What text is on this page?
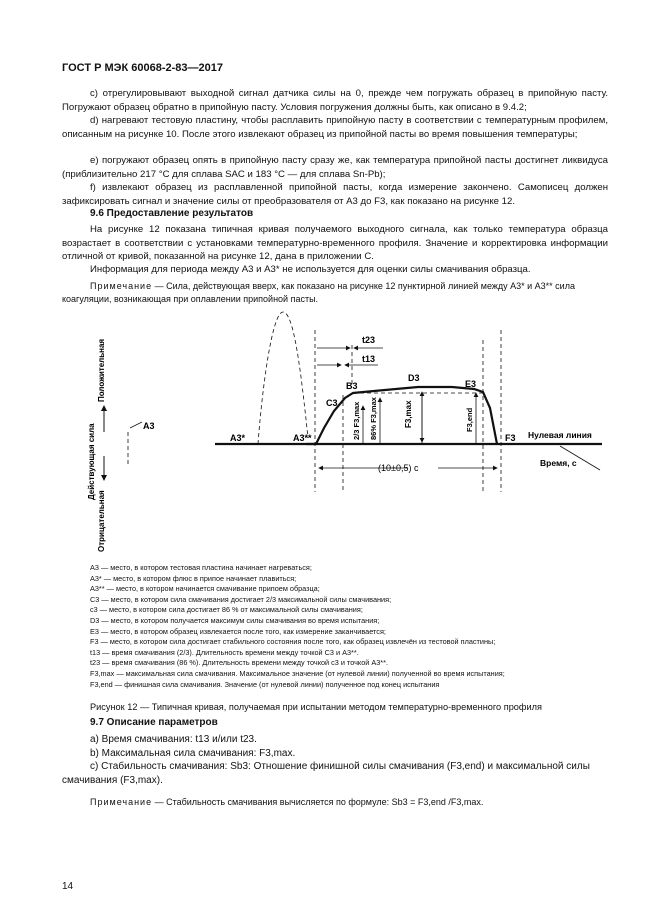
ГОСТ Р МЭК 60068-2-83—2017
c) отрегулировывают выходной сигнал датчика силы на 0, прежде чем погружать образец в припойную пасту. Погружают образец обратно в припойную пасту. Условия погружения должны быть, как описано в 9.4.2;
d) нагревают тестовую пластину, чтобы расплавить припойную пасту в соответствии с температурным профилем, описанным на рисунке 10. После этого извлекают образец из припойной пасты во время повышения температуры;
e) погружают образец опять в припойную пасту сразу же, как температура припойной пасты достигнет ликвидуса (приблизительно 217 °С для сплава SAC и 183 °С — для сплава Sn-Pb);
f) извлекают образец из расплавленной припойной пасты, когда измерение закончено. Самописец должен зафиксировать сигнал и значение силы от преобразователя от A3 до F3, как показано на рисунке 12.
9.6 Предоставление результатов
На рисунке 12 показана типичная кривая получаемого выходного сигнала, как только температура образца возрастает в соответствии с установками температурно-временного профиля. Значение и корректировка информации отличной от кривой, показанной на рисунке 12, дана в приложении С.
Информация для периода между A3 и A3* не используется для оценки силы смачивания образца.
Примечание — Сила, действующая вверх, как показано на рисунке 12 пунктирной линией между A3* и A3** сила коагуляции, возникающая при оплавлении припойной пасты.
Действующая сила
Положительная
Отрицательная
Нулевая линия
Время, с
A3
A3*	A3**
C3
B3
D3
E3
F3
t23
t13
2/3 F3,max 86% F3,max	F3,max	F3,end
(10±0,5) с
A3 — место, в котором тестовая пластина начинает нагреваться;
A3* — место, в котором флюс в припое начинает плавиться;
A3** — место, в котором начинается смачивание припоем образца;
C3 — место, в котором сила смачивания достигает 2/3 максимальной силы смачивания;
c3 — место, в котором сила достигает 86 % от максимальной силы смачивания;
D3 — место, в котором получается максимум силы смачивания во время испытания;
E3 — место, в котором образец извлекается после того, как измерение заканчивается;
F3 — место, в котором сила достигает стабильного состояния после того, как образец извлечён из тестовой пластины;
t13 — время смачивания (2/3). Длительность времени между точкой C3 и A3**.
t23 — время смачивания (86 %). Длительность времени между точкой c3 и точкой A3**.
F3,max — максимальная сила смачивания. Максимальное значение (от нулевой линии) полученной во время испытания;
F3,end — финишная сила смачивания. Значение (от нулевой линии) полученное под конец испытания
Рисунок 12 — Типичная кривая, получаемая при испытании методом температурно-временного профиля
9.7 Описание параметров
a) Время смачивания: t13 и/или t23.
b) Максимальная сила смачивания: F3,max.
c) Стабильность смачивания: Sb3: Отношение финишной силы смачивания (F3,end) и максимальной силы смачивания (F3,max).
Примечание — Стабильность смачивания вычисляется по формуле: Sb3 = F3,end /F3,max.
14
